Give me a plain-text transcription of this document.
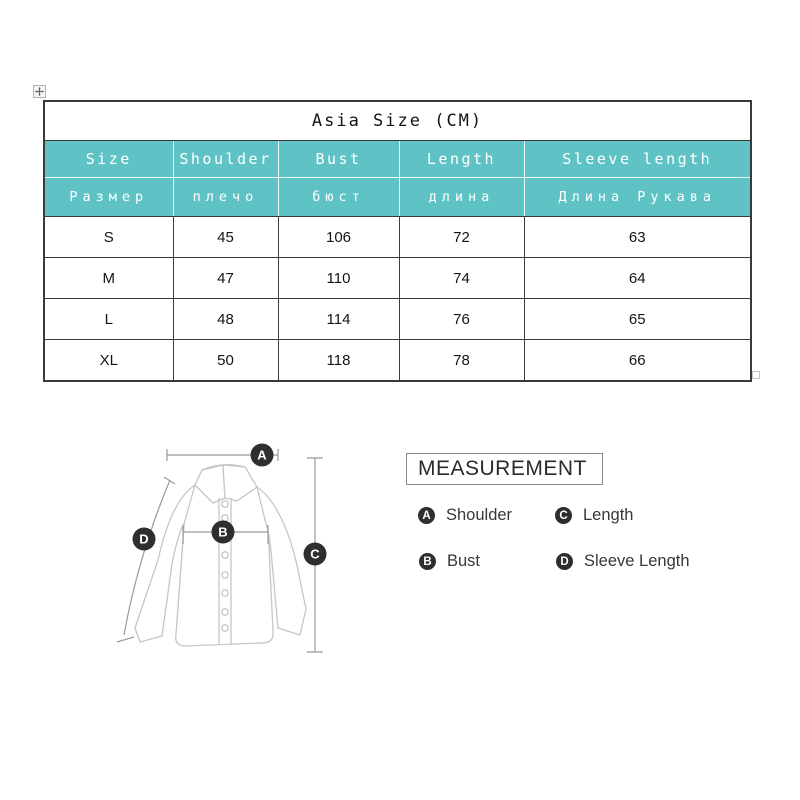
Asia Size (CM)				
Size	Shoulder	Bust	Length	Sleeve length
Размер	плечо	бюст	длина	Длина Рукава
S	45	106	72	63
M	47	110	74	64
L	48	114	76	65
XL	50	118	78	66
A
B
C
D
MEASUREMENT
A Shoulder	C Length
B Bust	D Sleeve Length
